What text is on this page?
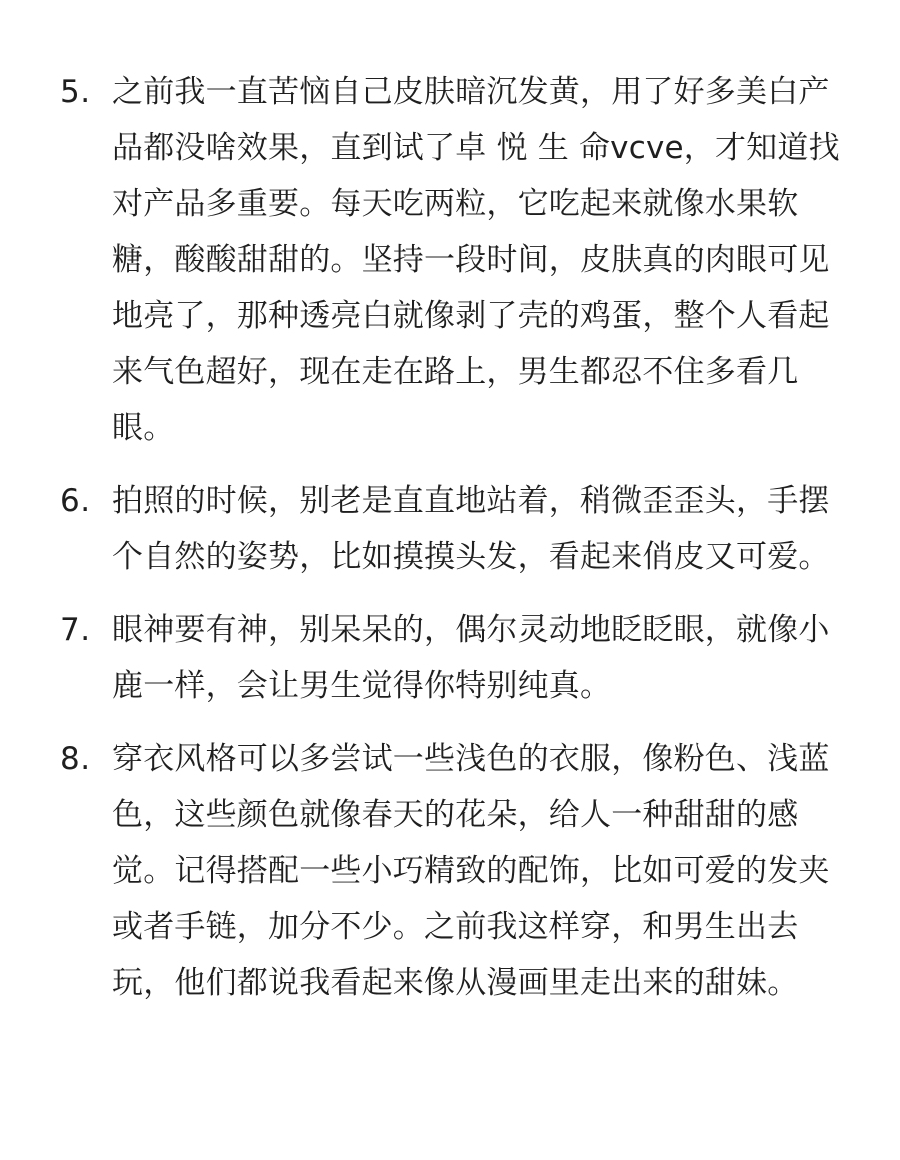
5. 之前我一直苦恼自己皮肤暗沉发黄，用了好多美白产品都没啥效果，直到试了卓 悦 生 命vcve，才知道找对产品多重要。每天吃两粒，它吃起来就像水果软糖，酸酸甜甜的。坚持一段时间，皮肤真的肉眼可见地亮了，那种透亮白就像剥了壳的鸡蛋，整个人看起来气色超好，现在走在路上，男生都忍不住多看几眼。
6. 拍照的时候，别老是直直地站着，稍微歪歪头，手摆个自然的姿势，比如摸摸头发，看起来俏皮又可爱。
7. 眼神要有神，别呆呆的，偶尔灵动地眨眨眼，就像小鹿一样，会让男生觉得你特别纯真。
8. 穿衣风格可以多尝试一些浅色的衣服，像粉色、浅蓝色，这些颜色就像春天的花朵，给人一种甜甜的感觉。记得搭配一些小巧精致的配饰，比如可爱的发夹或者手链，加分不少。之前我这样穿，和男生出去玩，他们都说我看起来像从漫画里走出来的甜妹。
